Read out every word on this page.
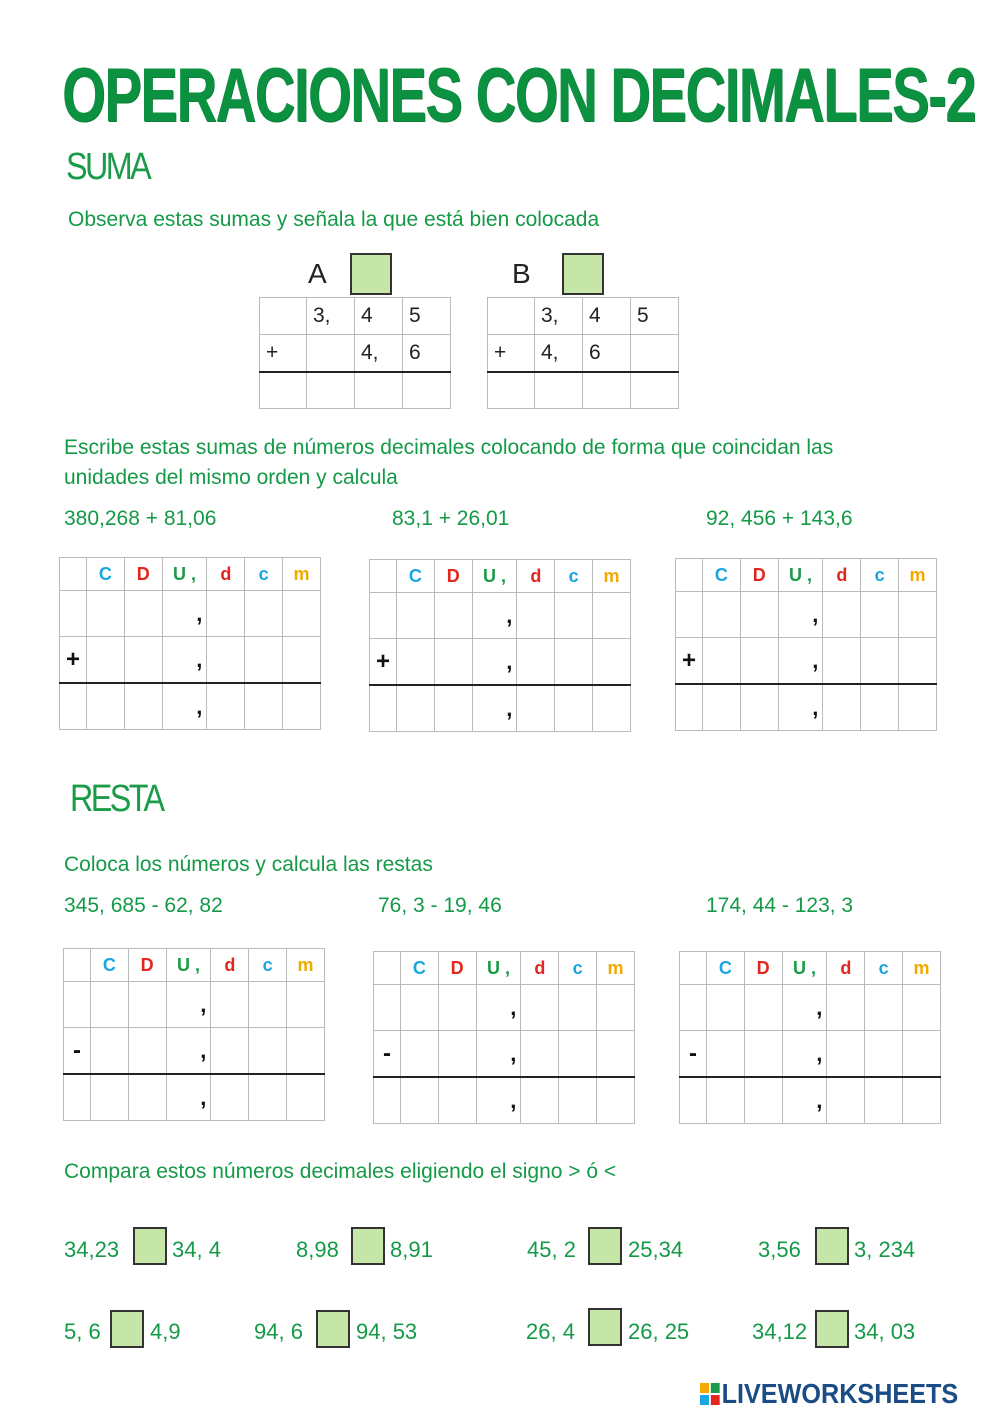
OPERACIONES CON DECIMALES-2
SUMA
Observa estas sumas y señala la que está bien colocada
A
	3,	4	5
+		4,	6

B
	3,	4	5
+	4,	6	

Escribe estas sumas de números decimales colocando de forma que coincidan las
unidades del mismo orden y calcula
380,268 + 81,06	83,1 + 26,01	92, 456 + 143,6
	C	D	U ,	d	c	m
			,			
+			,			
			,			
	C	D	U ,	d	c	m
			,			
+			,			
			,			
	C	D	U ,	d	c	m
			,			
+			,			
			,			
RESTA
Coloca los números y calcula las restas
345, 685 - 62, 82	76, 3 - 19, 46	174, 44 - 123, 3
	C	D	U ,	d	c	m
			,			
-			,			
			,			
	C	D	U ,	d	c	m
			,			
-			,			
			,			
	C	D	U ,	d	c	m
			,			
-			,			
			,			
Compara estos números decimales eligiendo el signo > ó <
34,23 34, 4	8,98 8,91	45, 2 25,34	3,56 3, 234
5, 6 4,9	94, 6 94, 53	26, 4 26, 25	34,12 34, 03
LIVEWORKSHEETS
